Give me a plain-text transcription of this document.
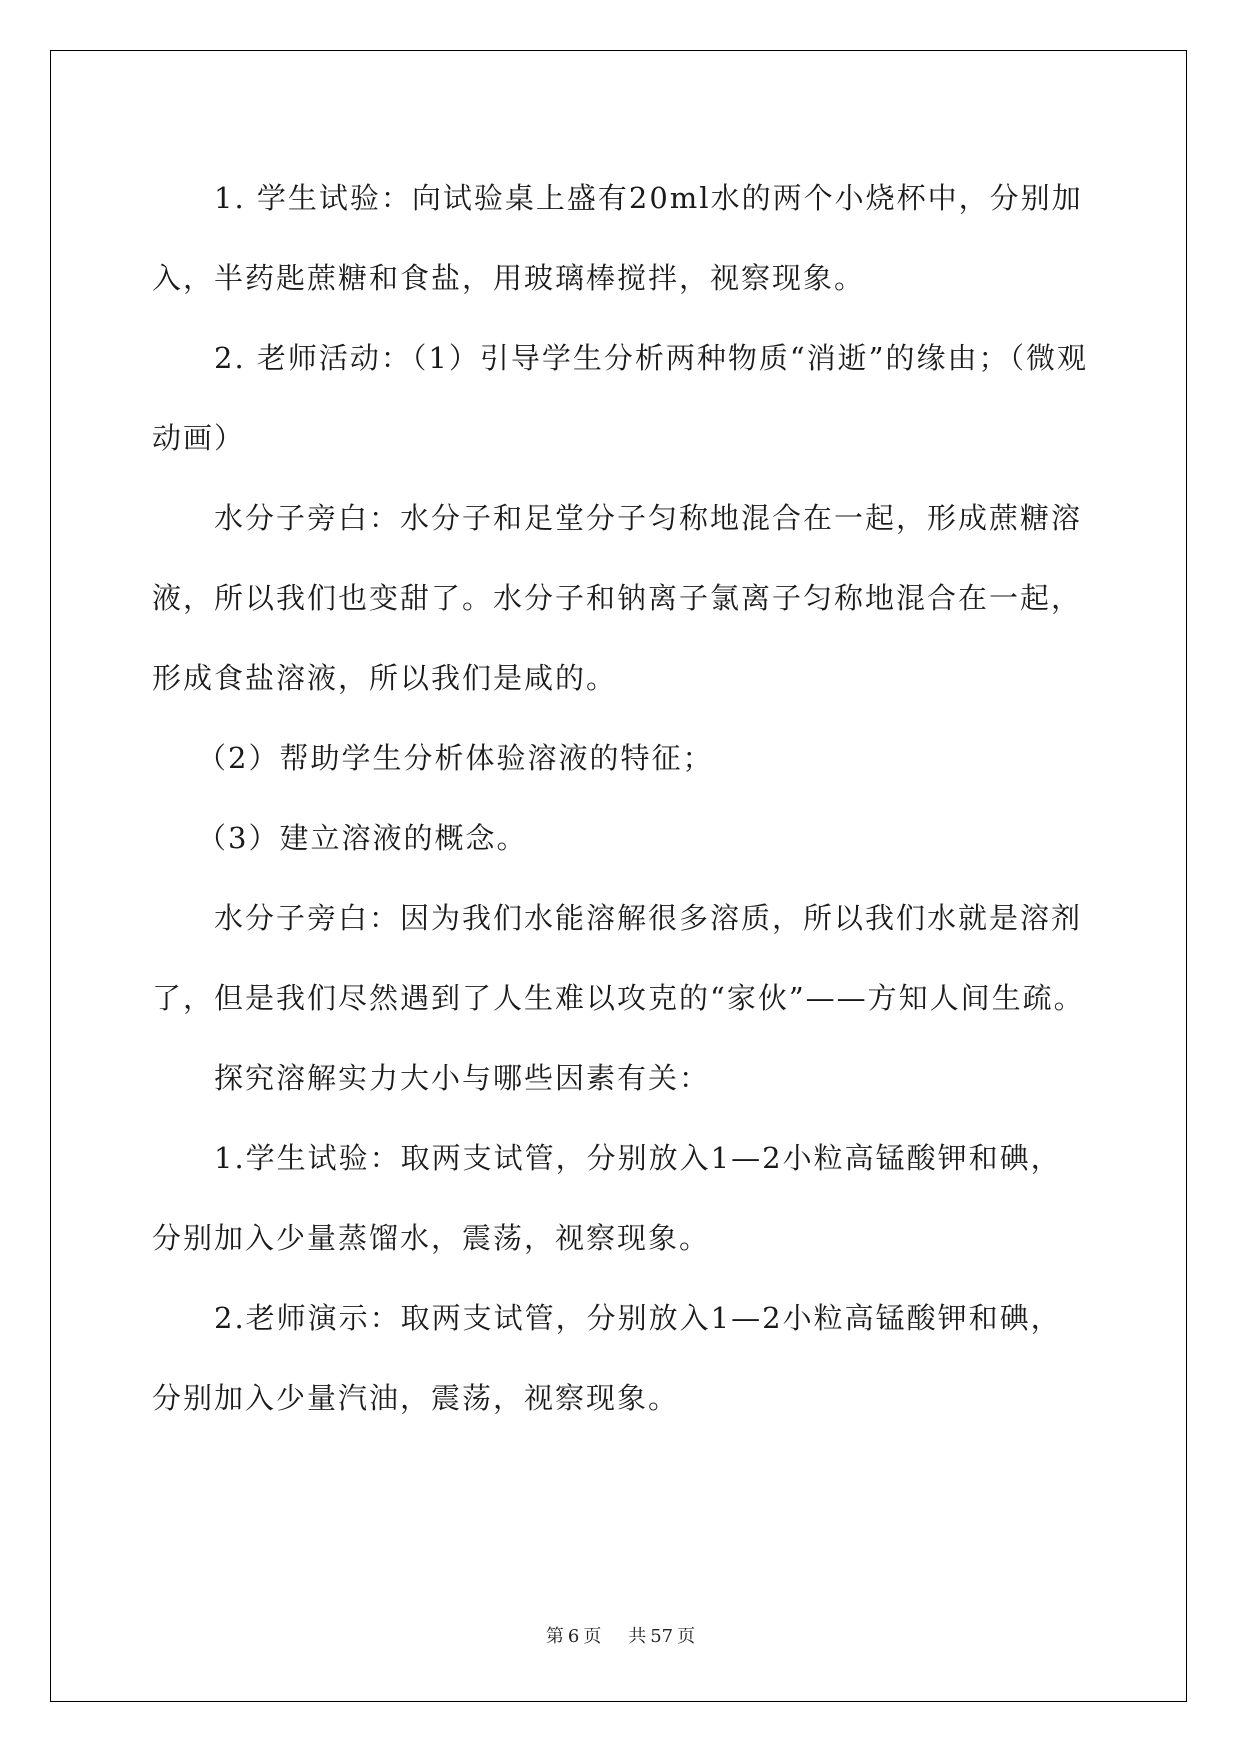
1. 学生试验：向试验桌上盛有20ml水的两个小烧杯中，分别加入，半药匙蔗糖和食盐，用玻璃棒搅拌，视察现象。

2. 老师活动：（1）引导学生分析两种物质“消逝”的缘由；（微观动画）

水分子旁白：水分子和足堂分子匀称地混合在一起，形成蔗糖溶液，所以我们也变甜了。水分子和钠离子氯离子匀称地混合在一起，形成食盐溶液，所以我们是咸的。

（2）帮助学生分析体验溶液的特征；

（3）建立溶液的概念。

水分子旁白：因为我们水能溶解很多溶质，所以我们水就是溶剂了，但是我们尽然遇到了人生难以攻克的“家伙”——方知人间生疏。

探究溶解实力大小与哪些因素有关：

1.学生试验：取两支试管，分别放入1—2小粒高锰酸钾和碘，分别加入少量蒸馏水，震荡，视察现象。

2.老师演示：取两支试管，分别放入1—2小粒高锰酸钾和碘，分别加入少量汽油，震荡，视察现象。

第 6 页 共 57 页
